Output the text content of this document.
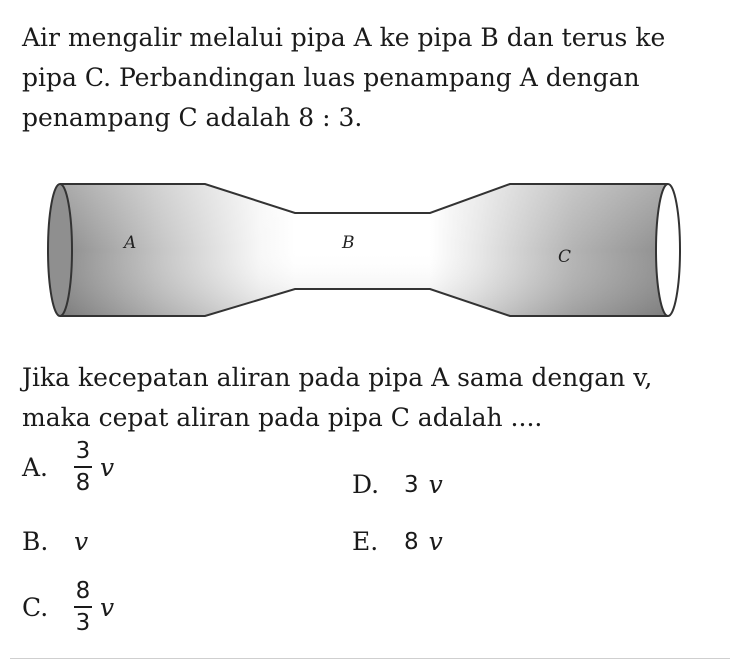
Air mengalir melalui pipa A ke pipa B dan terus ke pipa C. Perbandingan luas penampang A dengan penampang C adalah 8 : 3.

A	B
C

Jika kecepatan aliran pada pipa A sama dengan v, maka cepat aliran pada pipa C adalah ....

A.	$\frac{3}{8}$ v
B.	v
C.	$\frac{8}{3}$ v
D.	3 v
E.	8 v
